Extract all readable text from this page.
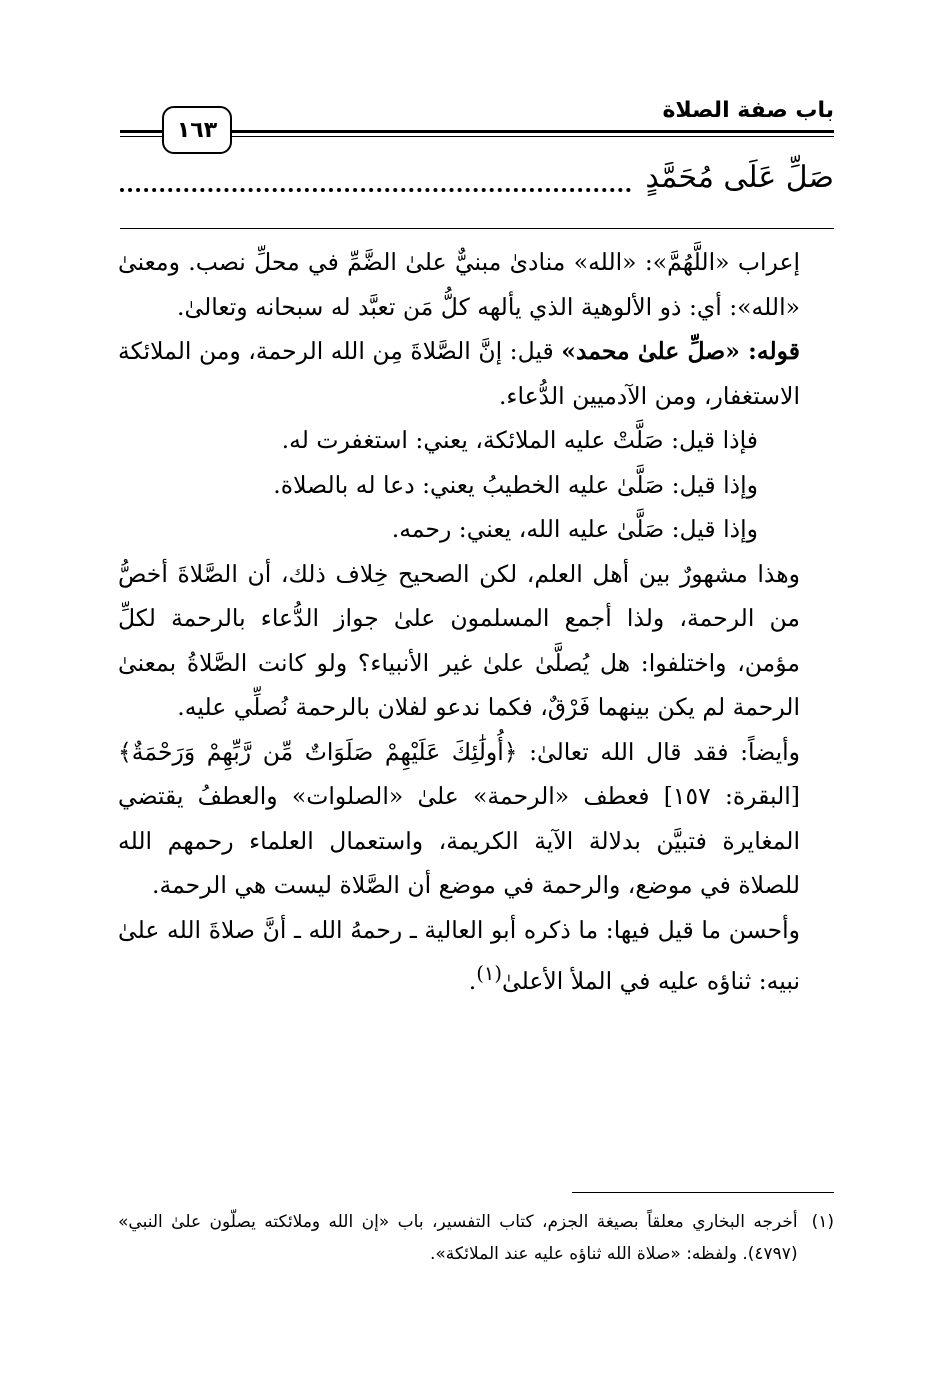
باب صفة الصلاة
١٦٣
صَلِّ عَلَى مُحَمَّدٍ

إعراب «اللَّهُمَّ»: «الله» منادىٰ مبنيٌّ علىٰ الضَّمِّ في محلِّ نصب. ومعنىٰ «الله»: أي: ذو الألوهية الذي يألهه كلُّ مَن تعبَّد له سبحانه وتعالىٰ.

قوله: «صلِّ علىٰ محمد» قيل: إنَّ الصَّلاةَ مِن الله الرحمة، ومن الملائكة الاستغفار، ومن الآدميين الدُّعاء.

فإذا قيل: صَلَّتْ عليه الملائكة، يعني: استغفرت له.

وإذا قيل: صَلَّىٰ عليه الخطيبُ يعني: دعا له بالصلاة.

وإذا قيل: صَلَّىٰ عليه الله، يعني: رحمه.

وهذا مشهورٌ بين أهل العلم، لكن الصحيح خِلاف ذلك، أن الصَّلاةَ أخصُّ من الرحمة، ولذا أجمع المسلمون علىٰ جواز الدُّعاء بالرحمة لكلِّ مؤمن، واختلفوا: هل يُصلَّىٰ علىٰ غير الأنبياء؟ ولو كانت الصَّلاةُ بمعنىٰ الرحمة لم يكن بينهما فَرْقٌ، فكما ندعو لفلان بالرحمة نُصلِّي عليه.

وأيضاً: فقد قال الله تعالىٰ: ﴿أُولَٰئِكَ عَلَيْهِمْ صَلَوَاتٌ مِّن رَّبِّهِمْ وَرَحْمَةٌ﴾ [البقرة: ١٥٧] فعطف «الرحمة» علىٰ «الصلوات» والعطفُ يقتضي المغايرة فتبيَّن بدلالة الآية الكريمة، واستعمال العلماء رحمهم الله للصلاة في موضع، والرحمة في موضع أن الصَّلاة ليست هي الرحمة.

وأحسن ما قيل فيها: ما ذكره أبو العالية ـ رحمهُ الله ـ أنَّ صلاةَ الله علىٰ نبيه: ثناؤه عليه في الملأ الأعلىٰ$^{(١)}$.

(١)
أخرجه البخاري معلقاً بصيغة الجزم، كتاب التفسير، باب «إن الله وملائكته يصلّون علىٰ النبي» (٤٧٩٧). ولفظه: «صلاة الله ثناؤه عليه عند الملائكة».
